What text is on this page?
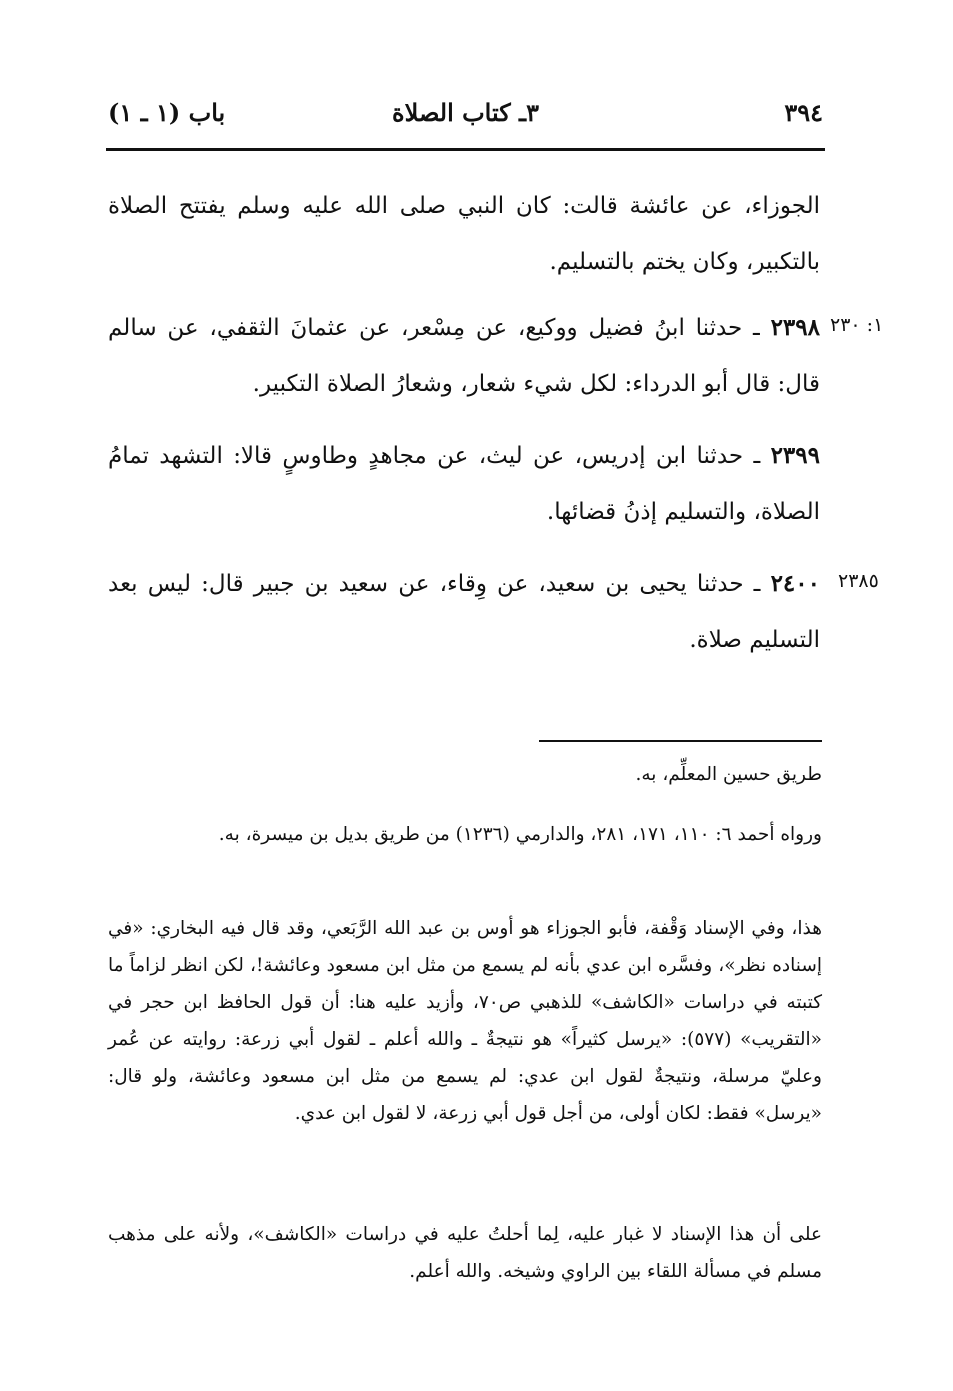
٣٩٤
٣ـ كتاب الصلاة
باب (١ ـ ١)
الجوزاء، عن عائشة قالت: كان النبي صلى الله عليه وسلم يفتتح الصلاة بالتكبير، وكان يختم بالتسليم.
٢٣٩٨ ـ حدثنا ابنُ فضيل ووكيع، عن مِسْعر، عن عثمانَ الثقفي، عن سالم قال: قال أبو الدرداء: لكل شيء شعار، وشعارُ الصلاة التكبير.
١: ٢٣٠
٢٣٩٩ ـ حدثنا ابن إدريس، عن ليث، عن مجاهدٍ وطاوسٍ قالا: التشهد تمامُ الصلاة، والتسليم إذنُ قضائها.
٢٤٠٠ ـ حدثنا يحيى بن سعيد، عن وِقاء، عن سعيد بن جبير قال: ليس بعد التسليم صلاة.
٢٣٨٥
طريق حسين المعلِّم، به.
ورواه أحمد ٦: ١١٠، ١٧١، ٢٨١، والدارمي (١٢٣٦) من طريق بديل بن ميسرة، به.
هذا، وفي الإسناد وَقْفة، فأبو الجوزاء هو أوس بن عبد الله الرَّبَعي، وقد قال فيه البخاري: «في إسناده نظر»، وفسَّره ابن عدي بأنه لم يسمع من مثل ابن مسعود وعائشة!، لكن انظر لزاماً ما كتبته في دراسات «الكاشف» للذهبي ص٧٠، وأزيد عليه هنا: أن قول الحافظ ابن حجر في «التقريب» (٥٧٧): «يرسل كثيراً» هو نتيجةٌ ـ والله أعلم ـ لقول أبي زرعة: روايته عن عُمر وعليّ مرسلة، ونتيجةٌ لقول ابن عدي: لم يسمع من مثل ابن مسعود وعائشة، ولو قال: «يرسل» فقط: لكان أولى، من أجل قول أبي زرعة، لا لقول ابن عدي.
على أن هذا الإسناد لا غبار عليه، لِما أحلتُ عليه في دراسات «الكاشف»، ولأنه على مذهب مسلم في مسألة اللقاء بين الراوي وشيخه. والله أعلم.
